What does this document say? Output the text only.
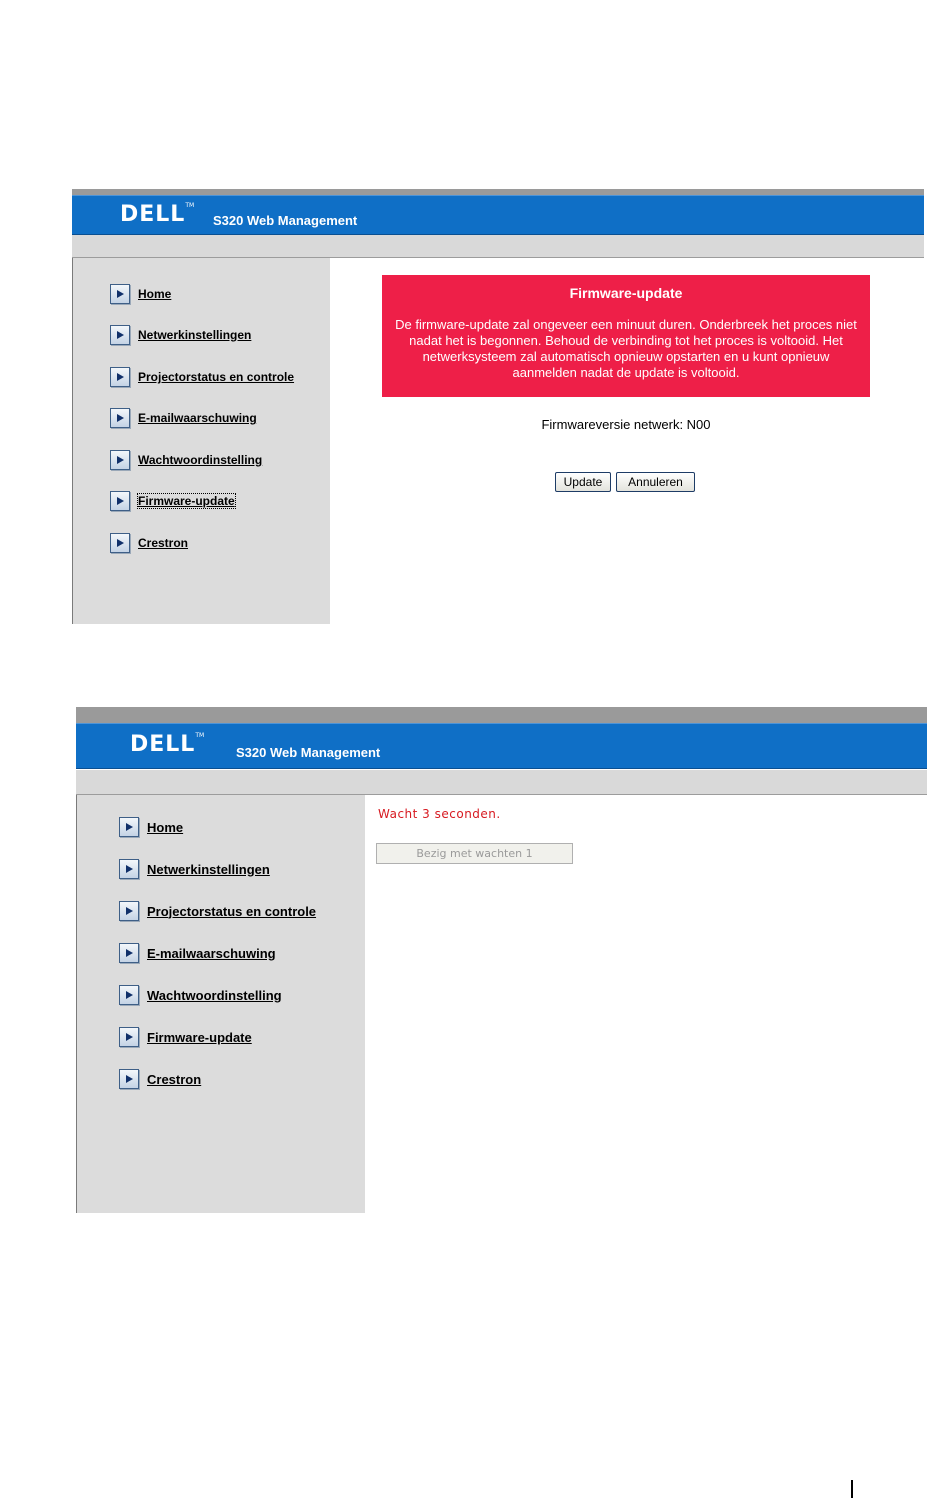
DELL™
S320 Web Management
Home
Netwerkinstellingen
Projectorstatus en controle
E-mailwaarschuwing
Wachtwoordinstelling
Firmware-update
Crestron
Firmware-update
De firmware-update zal ongeveer een minuut duren. Onderbreek het proces niet nadat het is begonnen. Behoud de verbinding tot het proces is voltooid. Het netwerksysteem zal automatisch opnieuw opstarten en u kunt opnieuw aanmelden nadat de update is voltooid.
Firmwareversie netwerk: N00
Update	Annuleren
DELL™
S320 Web Management
Home
Netwerkinstellingen
Projectorstatus en controle
E-mailwaarschuwing
Wachtwoordinstelling
Firmware-update
Crestron
Wacht 3 seconden.
Bezig met wachten 1
